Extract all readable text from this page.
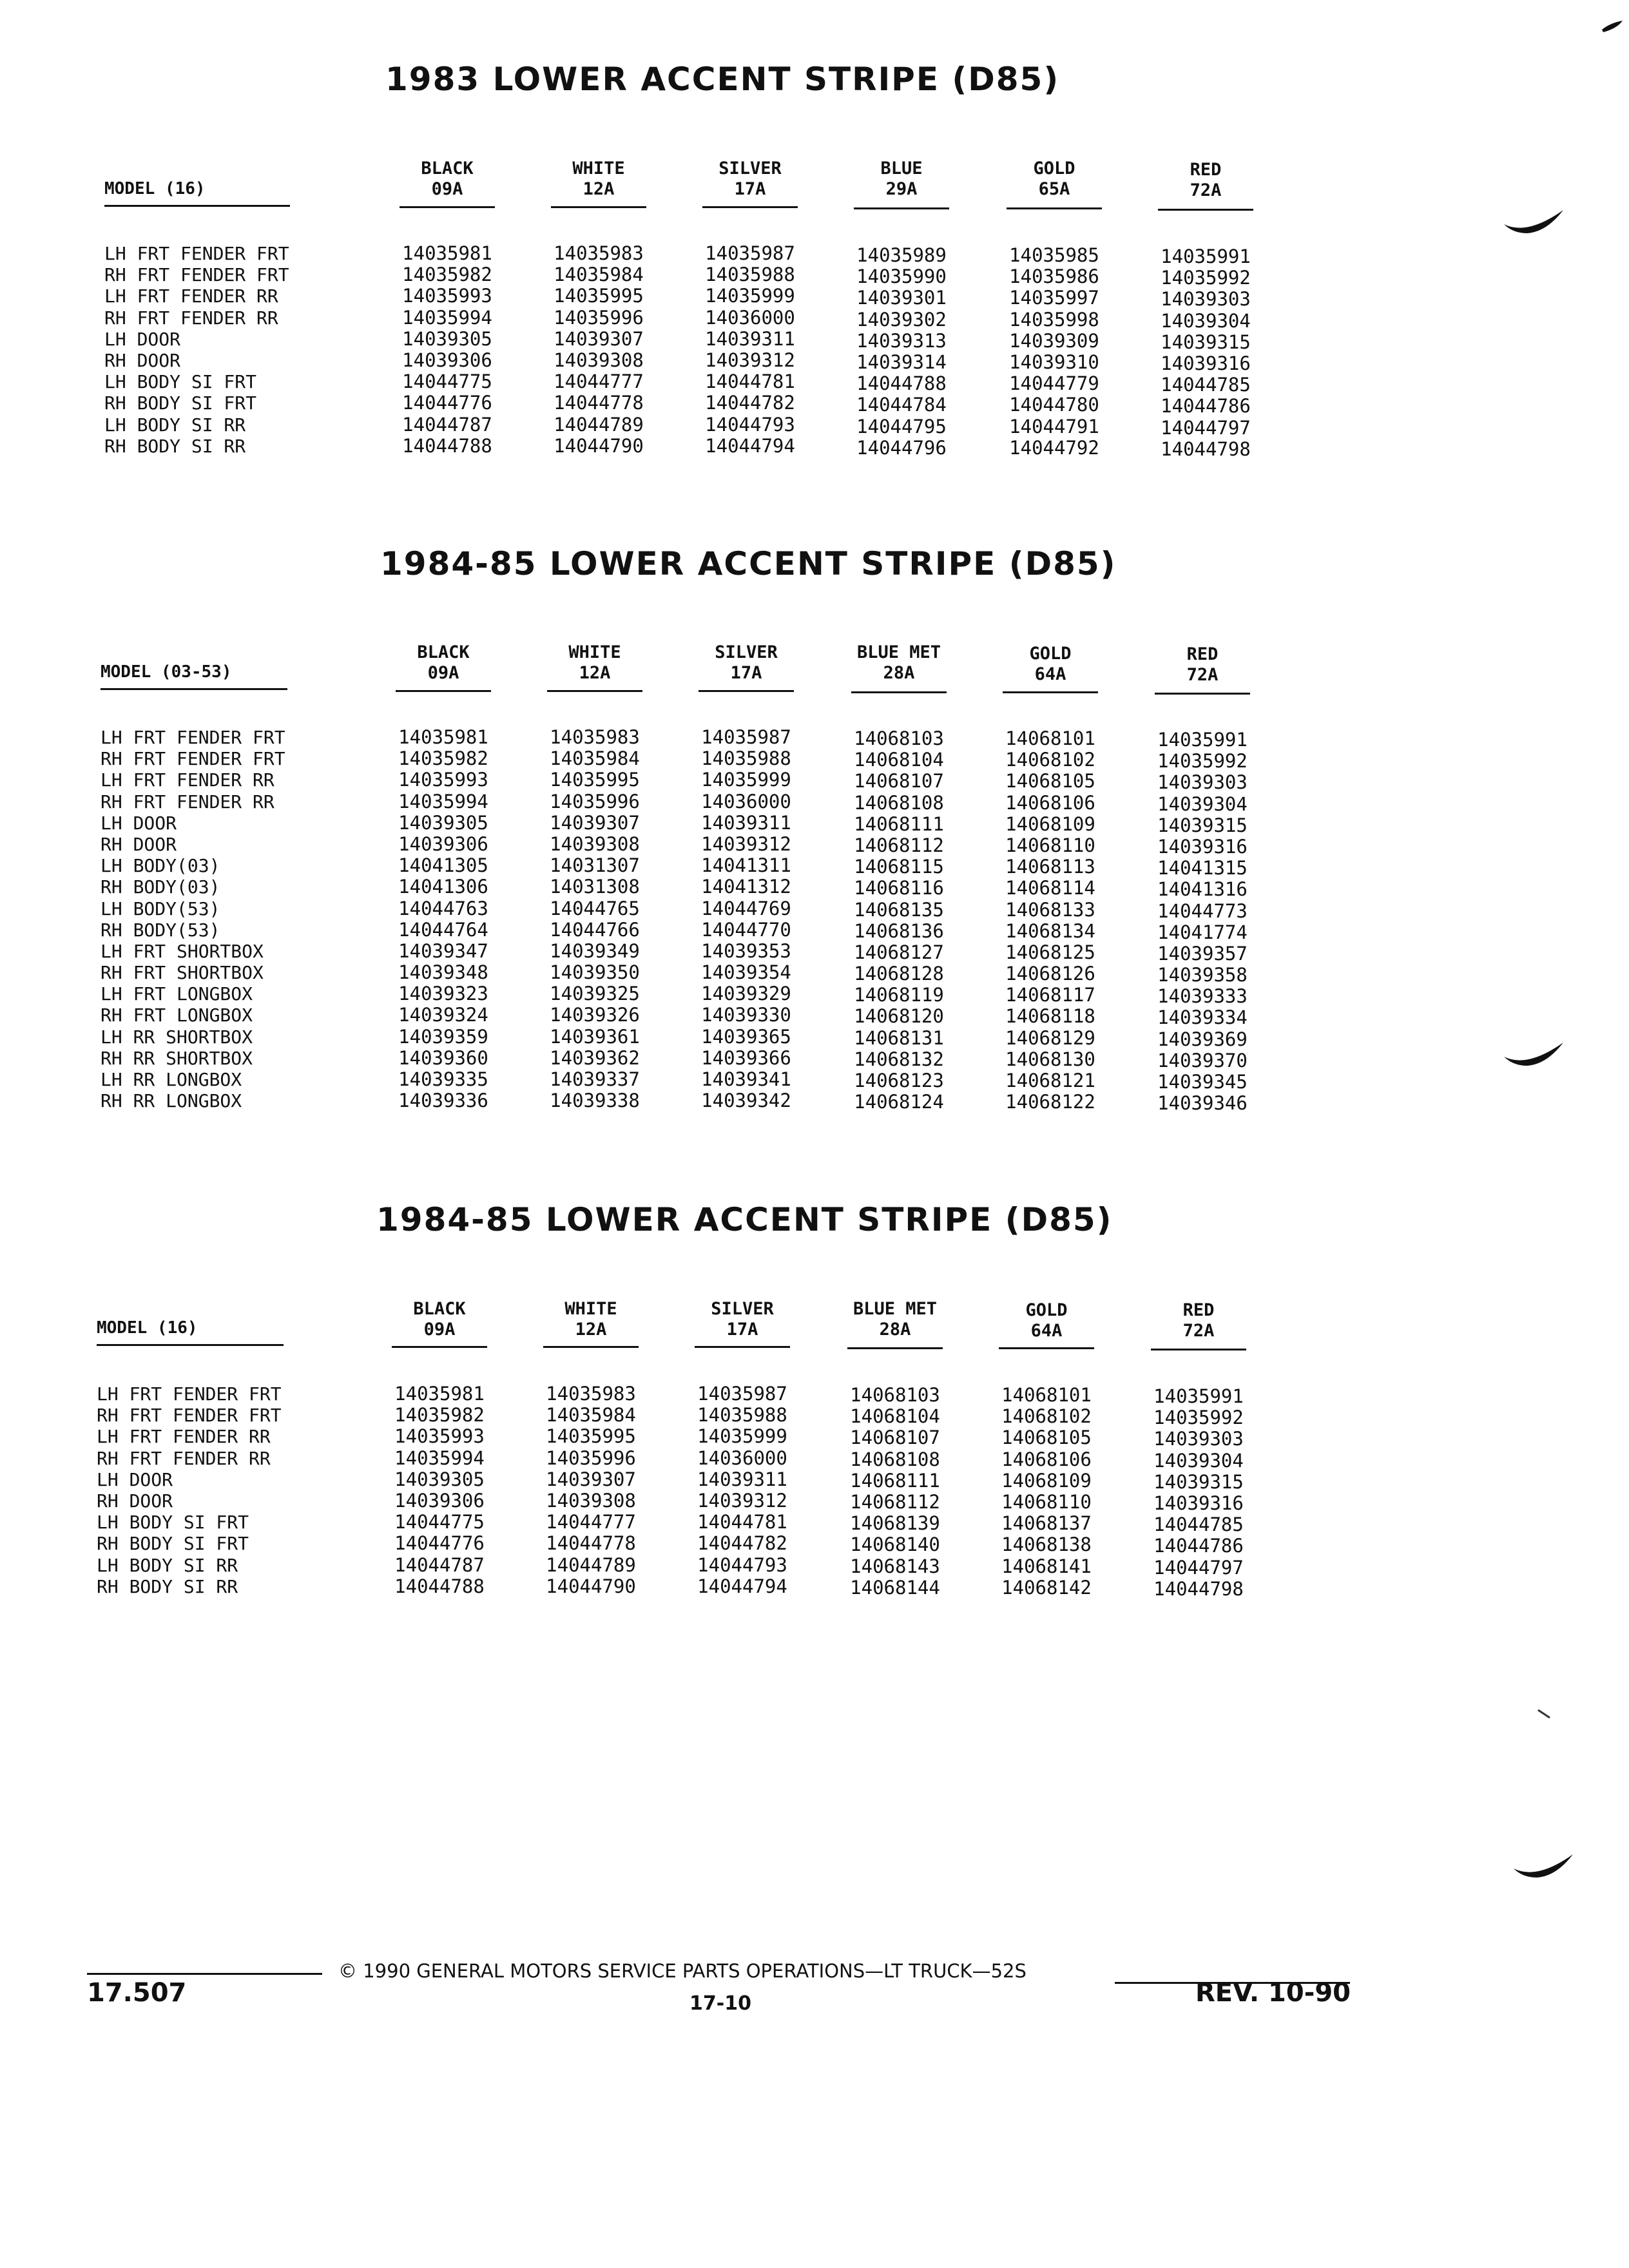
1983 LOWER ACCENT STRIPE (D85)
MODEL (16)
BLACK
09A
WHITE
12A
SILVER
17A
BLUE
29A
GOLD
65A
RED
72A
LH FRT FENDER FRT
RH FRT FENDER FRT
LH FRT FENDER RR
RH FRT FENDER RR
LH DOOR
RH DOOR
LH BODY SI FRT
RH BODY SI FRT
LH BODY SI RR
RH BODY SI RR
14035981
14035982
14035993
14035994
14039305
14039306
14044775
14044776
14044787
14044788
14035983
14035984
14035995
14035996
14039307
14039308
14044777
14044778
14044789
14044790
14035987
14035988
14035999
14036000
14039311
14039312
14044781
14044782
14044793
14044794
14035989
14035990
14039301
14039302
14039313
14039314
14044788
14044784
14044795
14044796
14035985
14035986
14035997
14035998
14039309
14039310
14044779
14044780
14044791
14044792
14035991
14035992
14039303
14039304
14039315
14039316
14044785
14044786
14044797
14044798
1984-85 LOWER ACCENT STRIPE (D85)
MODEL (03-53)
BLACK
09A
WHITE
12A
SILVER
17A
BLUE MET
28A
GOLD
64A
RED
72A
LH FRT FENDER FRT
RH FRT FENDER FRT
LH FRT FENDER RR
RH FRT FENDER RR
LH DOOR
RH DOOR
LH BODY(03)
RH BODY(03)
LH BODY(53)
RH BODY(53)
LH FRT SHORTBOX
RH FRT SHORTBOX
LH FRT LONGBOX
RH FRT LONGBOX
LH RR SHORTBOX
RH RR SHORTBOX
LH RR LONGBOX
RH RR LONGBOX
14035981
14035982
14035993
14035994
14039305
14039306
14041305
14041306
14044763
14044764
14039347
14039348
14039323
14039324
14039359
14039360
14039335
14039336
14035983
14035984
14035995
14035996
14039307
14039308
14031307
14031308
14044765
14044766
14039349
14039350
14039325
14039326
14039361
14039362
14039337
14039338
14035987
14035988
14035999
14036000
14039311
14039312
14041311
14041312
14044769
14044770
14039353
14039354
14039329
14039330
14039365
14039366
14039341
14039342
14068103
14068104
14068107
14068108
14068111
14068112
14068115
14068116
14068135
14068136
14068127
14068128
14068119
14068120
14068131
14068132
14068123
14068124
14068101
14068102
14068105
14068106
14068109
14068110
14068113
14068114
14068133
14068134
14068125
14068126
14068117
14068118
14068129
14068130
14068121
14068122
14035991
14035992
14039303
14039304
14039315
14039316
14041315
14041316
14044773
14041774
14039357
14039358
14039333
14039334
14039369
14039370
14039345
14039346
1984-85 LOWER ACCENT STRIPE (D85)
MODEL (16)
BLACK
09A
WHITE
12A
SILVER
17A
BLUE MET
28A
GOLD
64A
RED
72A
LH FRT FENDER FRT
RH FRT FENDER FRT
LH FRT FENDER RR
RH FRT FENDER RR
LH DOOR
RH DOOR
LH BODY SI FRT
RH BODY SI FRT
LH BODY SI RR
RH BODY SI RR
14035981
14035982
14035993
14035994
14039305
14039306
14044775
14044776
14044787
14044788
14035983
14035984
14035995
14035996
14039307
14039308
14044777
14044778
14044789
14044790
14035987
14035988
14035999
14036000
14039311
14039312
14044781
14044782
14044793
14044794
14068103
14068104
14068107
14068108
14068111
14068112
14068139
14068140
14068143
14068144
14068101
14068102
14068105
14068106
14068109
14068110
14068137
14068138
14068141
14068142
14035991
14035992
14039303
14039304
14039315
14039316
14044785
14044786
14044797
14044798
17.507
© 1990 GENERAL MOTORS SERVICE PARTS OPERATIONS—LT TRUCK—52S
17-10	REV. 10-90
